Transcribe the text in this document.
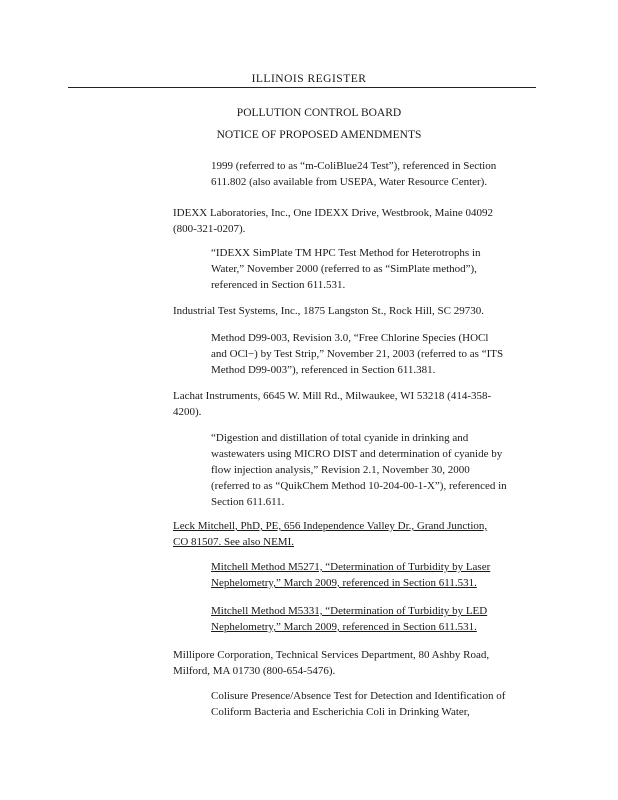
ILLINOIS REGISTER
POLLUTION CONTROL BOARD
NOTICE OF PROPOSED AMENDMENTS
1999 (referred to as “m-ColiBlue24 Test”), referenced in Section
611.802 (also available from USEPA, Water Resource Center).
IDEXX Laboratories, Inc., One IDEXX Drive, Westbrook, Maine 04092
(800-321-0207).
“IDEXX SimPlate TM HPC Test Method for Heterotrophs in
Water,” November 2000 (referred to as “SimPlate method”),
referenced in Section 611.531.
Industrial Test Systems, Inc., 1875 Langston St., Rock Hill, SC 29730.
Method D99-003, Revision 3.0, “Free Chlorine Species (HOCl
and OCl−) by Test Strip,” November 21, 2003 (referred to as “ITS
Method D99-003”), referenced in Section 611.381.
Lachat Instruments, 6645 W. Mill Rd., Milwaukee, WI 53218 (414-358-
4200).
“Digestion and distillation of total cyanide in drinking and
wastewaters using MICRO DIST and determination of cyanide by
flow injection analysis,” Revision 2.1, November 30, 2000
(referred to as “QuikChem Method 10-204-00-1-X”), referenced in
Section 611.611.
Leck Mitchell, PhD, PE, 656 Independence Valley Dr., Grand Junction,
CO 81507. See also NEMI.
Mitchell Method M5271, “Determination of Turbidity by Laser
Nephelometry,” March 2009, referenced in Section 611.531.
Mitchell Method M5331, “Determination of Turbidity by LED
Nephelometry,” March 2009, referenced in Section 611.531.
Millipore Corporation, Technical Services Department, 80 Ashby Road,
Milford, MA 01730 (800-654-5476).
Colisure Presence/Absence Test for Detection and Identification of
Coliform Bacteria and Escherichia Coli in Drinking Water,
